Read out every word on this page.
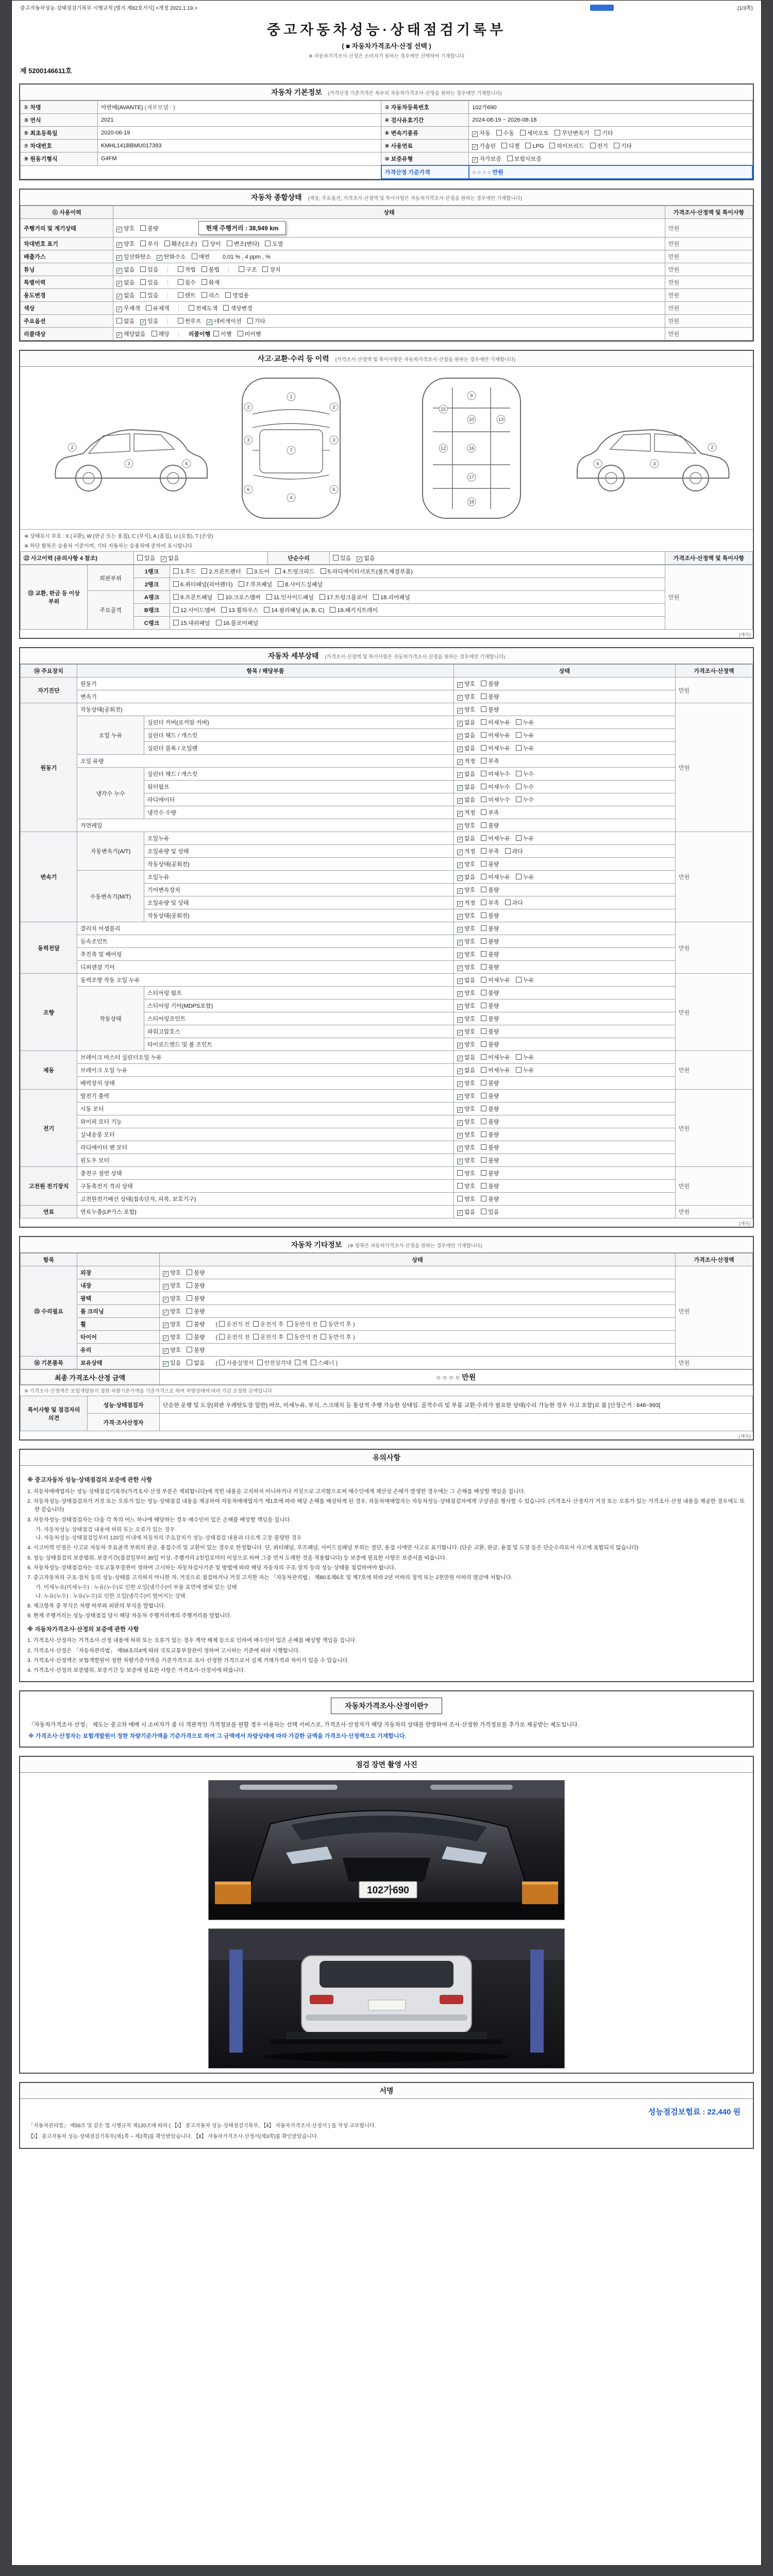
중고자동차성능·상태점검기록부 시행규칙 [별지 제82호서식] <개정 2021.1.19.>	(1/3쪽)
중고자동차성능·상태점검기록부
( ■ 자동차가격조사·산정 선택 )
※ 자동차가격조사·산정은 소비자가 원하는 경우에만 선택하여 기재합니다
제 5200146611호
자동차 기본정보 (가격산정 기준가격은 복수의 자동차가격조사·산정을 원하는 경우에만 기재합니다)
① 차명	아반떼(AVANTE) (세부모델 : )	② 자동차등록번호	102가690
③ 연식	2021	④ 검사유효기간	2024-08-19 ~ 2026-08-18
⑤ 최초등록일	2020-06-19	⑥ 변속기종류	✓ 자동 수동 세미오토 무단변속기 기타
⑦ 차대번호	KMHL141BBMU017393	⑧ 사용연료	✓ 가솔린 디젤 LPG 하이브리드 전기 기타
⑨ 원동기형식	G4FM	⑩ 보증유형	✓ 자가보증 보험사보증
		가격산정 기준가격	○ ○ ○ ○ 만원
자동차 종합상태 (색상, 주요옵션, 가격조사·산정액 및 특이사항은 자동차가격조사·산정을 원하는 경우에만 기재합니다)
⑪ 사용이력	상태	가격조사·산정액 및 특이사항
주행거리 및 계기상태	✓ 양호 불량 현재 주행거리 : 38,949 km	만원
차대번호 표기	✓ 양호 부식 훼손(오손) 상이 변조(변타) 도말	만원
배출가스	✓ 일산화탄소 ✓ 탄화수소 매연 0.01 % , 4 ppm , %	만원
튜닝	✓ 없음 있음 적법 불법 구조 장치	만원
특별이력	✓ 없음 있음 침수 화재	만원
용도변경	✓ 없음 있음 렌트 리스 영업용	만원
색상	✓ 무채색 유채색 전체도색 색상변경	만원
주요옵션	없음 ✓ 있음 썬루프 ✓ 네비게이션 기타	만원
리콜대상	✓ 해당없음 해당 리콜이행 이행 미이행	만원
사고·교환·수리 등 이력 (가격조사·산정액 및 특이사항은 자동차가격조사·산정을 원하는 경우에만 기재합니다)
2
3	6
1
7
4
3	3
6	6
2	2
9
10
16
12
13
17
18
15
2
3
6
※ 상태표시 부호 : X (교환), W (판금 또는 용접), C (부식), A (흠집), U (요철), T (손상)
※ 하단 항목은 승용차 기준이며, 기타 자동차는 승용차에 준하여 표시합니다
⑫ 사고이력 (유의사항 4 참조)	있음 ✓ 없음	단순수리	있음 ✓ 없음	가격조사·산정액 및 특이사항
⑬ 교환, 판금 등 이상 부위	외판부위	1랭크	1.후드 2.프론트펜더 3.도어 4.트렁크리드 5.라디에이터서포트(볼트체결부품)	만원
		2랭크	6.쿼터패널(리어펜더) 7.루프패널 8.사이드실패널	
	주요골격	A랭크	9.프론트패널 10.크로스멤버 11.인사이드패널 17.트렁크플로어 18.리어패널	
		B랭크	12.사이드멤버 13.휠하우스 14.필러패널 (A, B, C) 19.패키지트레이	
		C랭크	15.대쉬패널 16.플로어패널	
(계속)
자동차 세부상태 (가격조사·산정액 및 특이사항은 자동차가격조사·산정을 원하는 경우에만 기재합니다)
⑭ 주요장치	항목 / 해당부품		상태	가격조사·산정액
자기진단	원동기		✓ 양호 불량	만원
	변속기		✓ 양호 불량	
원동기	작동상태(공회전)		✓ 양호 불량	만원
	오일 누유	실린더 커버(로커암 커버)	✓ 없음 미세누유 누유	
		실린더 헤드 / 개스킷	✓ 없음 미세누유 누유	
		실린더 블록 / 오일팬	✓ 없음 미세누유 누유	
	오일 유량		✓ 적정 부족	
	냉각수 누수	실린더 헤드 / 개스킷	✓ 없음 미세누수 누수	
		워터펌프	✓ 없음 미세누수 누수	
		라디에이터	✓ 없음 미세누수 누수	
		냉각수 수량	✓ 적정 부족	
	커먼레일		✓ 양호 불량	
변속기	자동변속기(A/T)	오일누유	✓ 없음 미세누유 누유	만원
		오일유량 및 상태	✓ 적정 부족 과다	
		작동상태(공회전)	✓ 양호 불량	
	수동변속기(M/T)	오일누유	✓ 없음 미세누유 누유	
		기어변속장치	✓ 양호 불량	
		오일유량 및 상태	✓ 적정 부족 과다	
		작동상태(공회전)	✓ 양호 불량	
동력전달	클러치 어셈블리		✓ 양호 불량	만원
	등속조인트		✓ 양호 불량	
	추진축 및 베어링		✓ 양호 불량	
	디퍼렌셜 기어		✓ 양호 불량	
조향	동력조향 작동 오일 누유		✓ 없음 미세누유 누유	만원
	작동상태	스티어링 펌프	✓ 양호 불량	
		스티어링 기어(MDPS포함)	✓ 양호 불량	
		스티어링조인트	✓ 양호 불량	
		파워고압호스	✓ 양호 불량	
		타이로드엔드 및 볼 조인트	✓ 양호 불량	
제동	브레이크 마스터 실린더오일 누유		✓ 없음 미세누유 누유	만원
	브레이크 오일 누유		✓ 없음 미세누유 누유	
	배력장치 상태		✓ 양호 불량	
전기	발전기 출력		✓ 양호 불량	만원
	시동 모터		✓ 양호 불량	
	와이퍼 모터 기능		✓ 양호 불량	
	실내송풍 모터		✓ 양호 불량	
	라디에이터 팬 모터		✓ 양호 불량	
	윈도우 모터		✓ 양호 불량	
고전원 전기장치	충전구 절연 상태		양호 불량	만원
	구동축전지 격리 상태		양호 불량	
	고전원전기배선 상태(접속단자, 피복, 보호기구)		양호 불량	
연료	연료누출(LP가스 포함)		✓ 없음 있음	만원
(계속)
자동차 기타정보 (※ 항목은 자동차가격조사·산정을 원하는 경우에만 기재합니다)
항목		상태	가격조사·산정액
⑮ 수리필요	외장	✓ 양호 불량	만원
	내장	✓ 양호 불량	
	광택	✓ 양호 불량	
	룸 크리닝	✓ 양호 불량	
	휠	✓ 양호 불량 ( 운전석 전  운전석 후  동반석 전  동반석 후 )	
	타이어	✓ 양호 불량 ( 운전석 전  운전석 후  동반석 전  동반석 후 )	
	유리	✓ 양호 불량	
⑯ 기본품목	보유상태	✓ 있음 없음 ( 사용설명서  안전삼각대  잭  스패너 )	만원
최종 가격조사·산정 금액	○ ○ ○ ○ 만원
※ 가격조사·산정액은 보험개발원이 정한 차량기준가액을 기준가격으로 하여 차량상태에 따라 가감 조정한 금액입니다
특이사항 및 점검자의 의견	성능·상태점검자	단순한 운행 및 도장(외판 우레탄도장 일반) 마모, 미세누유, 부식, 스크래치 등 통상적 주행 가능한 상태임. 골격수리 및 부품 교환·수리가 필요한 상태(수리 가능한 경우 사고 포함)로 봄 [산정근거 : 646~993]
	가격·조사산정자	
(계속)
유의사항
※ 중고자동차 성능·상태점검의 보증에 관한 사항
1. 자동차매매업자는 성능·상태점검기록부(가격조사·산정 부분은 제외합니다)에 적힌 내용을 고지하지 아니하거나 거짓으로 고지함으로써 매수인에게 재산상 손해가 발생한 경우에는 그 손해를 배상할 책임을 집니다.
2. 자동차성능·상태점검자가 거짓 또는 오류가 있는 성능·상태점검 내용을 제공하여 자동차매매업자가 제1호에 따라 해당 손해를 배상하게 된 경우, 자동차매매업자는 자동차성능·상태점검자에게 구상권을 행사할 수 있습니다. (가격조사·산정자가 거짓 또는 오류가 있는 가격조사·산정 내용을 제공한 경우에도 또한 같습니다)
3. 자동차성능·상태점검자는 다음 각 목의 어느 하나에 해당하는 경우 매수인이 입은 손해를 배상할 책임을 집니다.
가. 자동차성능·상태점검 내용에 허위 또는 오류가 있는 경우
나. 자동차성능·상태점검일부터 120일 이내에 자동차의 주요장치가 성능·상태점검 내용과 다르게 고장·불량한 경우
4. 사고이력 인정은 사고로 자동차 주요골격 부위의 판금, 용접수리 및 교환이 있는 경우로 한정합니다. 단, 쿼터패널, 루프패널, 사이드실패널 부위는 절단, 용접 시에만 사고로 표기합니다. (단순 교환, 판금, 용접 및 도장 등은 단순수리로서 사고에 포함되지 않습니다)
5. 성능·상태점검의 보증범위, 보증기간(점검일부터 30일 이상, 주행거리 2천킬로미터 이상으로 하며 그중 먼저 도래한 것을 적용합니다) 등 보증에 필요한 사항은 보증서를 따릅니다.
6. 자동차성능·상태점검자는 국토교통부장관이 정하여 고시하는 자동차검사기준 및 방법에 따라 해당 자동차의 구조·장치 등의 성능·상태를 점검하여야 합니다.
7. 중고자동차의 구조·장치 등의 성능·상태를 고지하지 아니한 자, 거짓으로 점검하거나 거짓 고지한 자는 「자동차관리법」 제80조제6호 및 제7호에 따라 2년 이하의 징역 또는 2천만원 이하의 벌금에 처합니다.
가. 미세누유(미세누수) : 누유(누수)로 인한 오일(냉각수)이 부품 표면에 맺혀 있는 상태
나. 누유(누수) : 누유(누수)로 인한 오일(냉각수)이 떨어지는 상태
8. 체크항목 중 부식은 차량 하부와 외판의 부식을 말합니다.
9. 현재 주행거리는 성능·상태점검 당시 해당 자동차 주행거리계의 주행거리를 말합니다.
※ 자동차가격조사·산정의 보증에 관한 사항
1. 가격조사·산정자는 가격조사·산정 내용에 허위 또는 오류가 있는 경우 계약 해제 등으로 인하여 매수인이 입은 손해를 배상할 책임을 집니다.
2. 가격조사·산정은 「자동차관리법」 제58조의4에 따라 국토교통부장관이 정하여 고시하는 기준에 따라 시행합니다.
3. 가격조사·산정액은 보험개발원이 정한 차량기준가액을 기준가격으로 조사·산정한 가격으로서 실제 거래가격과 차이가 있을 수 있습니다.
4. 가격조사·산정의 보증범위, 보증기간 등 보증에 필요한 사항은 가격조사·산정서에 따릅니다.
자동차가격조사·산정이란?

「자동차가격조사·산정」 제도는 중고차 매매 시 소비자가 좀 더 객관적인 가격정보를 원할 경우 이용하는 선택 서비스로, 가격조사·산정자가 해당 자동차의 상태를 반영하여 조사·산정한 가격정보를 추가로 제공받는 제도입니다.

※ 가격조사·산정자는 보험개발원이 정한 차량기준가액을 기준가격으로 하여 그 금액에서 차량상태에 따라 가감한 금액을 가격조사·산정액으로 기재합니다.

점검 장면 촬영 사진
102가690
서명
성능점검보험료 : 22,440 원
「자동차관리법」 제58조 및 같은 법 시행규칙 제120조에 따라 ( 【Ⅰ】 중고자동차 성능·상태점검기록부, 【Ⅱ】 자동차가격조사·산정서 ) 를 작성·교부합니다.
【Ⅰ】 중고자동차 성능·상태점검기록부(제1쪽 ~ 제2쪽)를 확인받았습니다. 【Ⅱ】 자동차가격조사·산정서(제3쪽)를 확인받았습니다.
